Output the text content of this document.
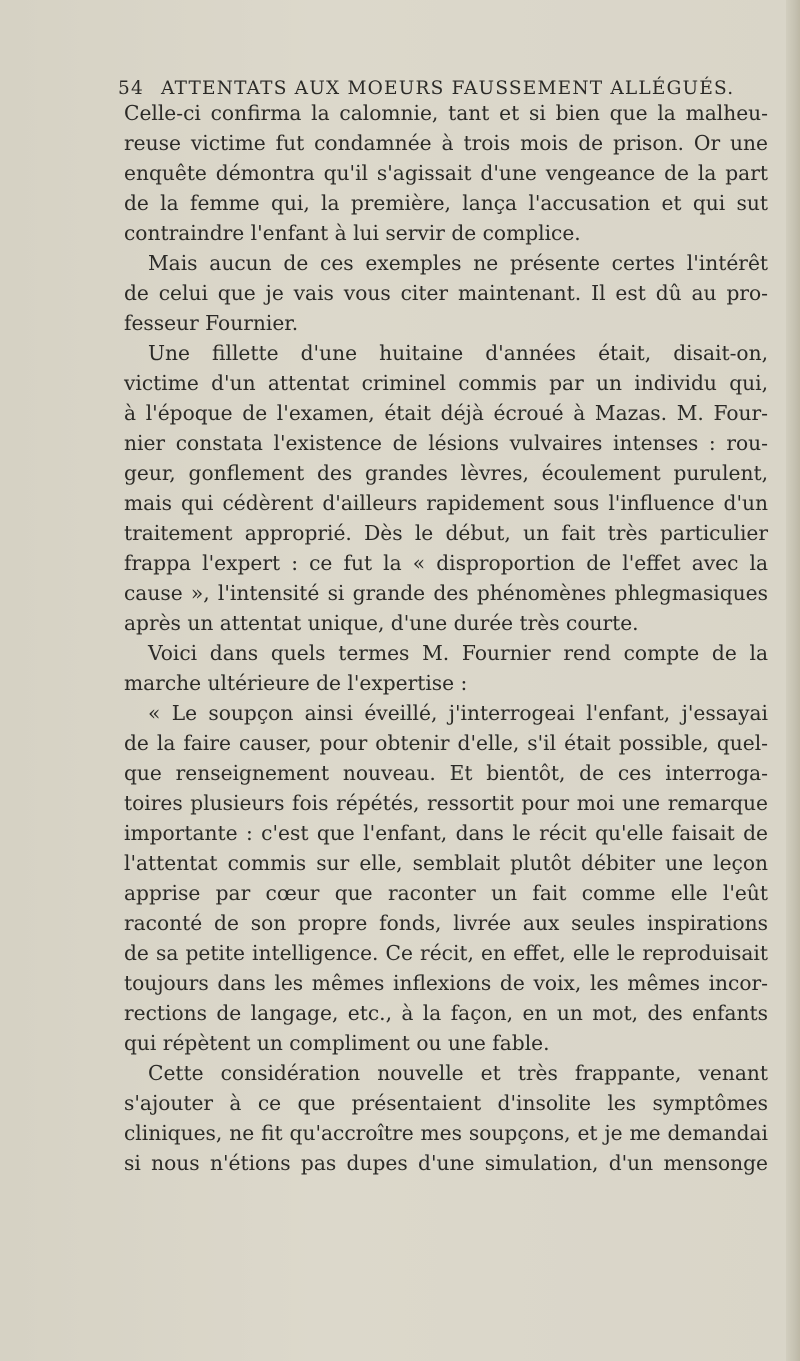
54 ATTENTATS AUX MOEURS FAUSSEMENT ALLÉGUÉS.
Celle-ci confirma la calomnie, tant et si bien que la malheu-
reuse victime fut condamnée à trois mois de prison. Or une
enquête démontra qu'il s'agissait d'une vengeance de la part
de la femme qui, la première, lança l'accusation et qui sut
contraindre l'enfant à lui servir de complice.
Mais aucun de ces exemples ne présente certes l'intérêt
de celui que je vais vous citer maintenant. Il est dû au pro-
fesseur Fournier.
Une fillette d'une huitaine d'années était, disait-on,
victime d'un attentat criminel commis par un individu qui,
à l'époque de l'examen, était déjà écroué à Mazas. M. Four-
nier constata l'existence de lésions vulvaires intenses : rou-
geur, gonflement des grandes lèvres, écoulement purulent,
mais qui cédèrent d'ailleurs rapidement sous l'influence d'un
traitement approprié. Dès le début, un fait très particulier
frappa l'expert : ce fut la « disproportion de l'effet avec la
cause », l'intensité si grande des phénomènes phlegmasiques
après un attentat unique, d'une durée très courte.
Voici dans quels termes M. Fournier rend compte de la
marche ultérieure de l'expertise :
« Le soupçon ainsi éveillé, j'interrogeai l'enfant, j'essayai
de la faire causer, pour obtenir d'elle, s'il était possible, quel-
que renseignement nouveau. Et bientôt, de ces interroga-
toires plusieurs fois répétés, ressortit pour moi une remarque
importante : c'est que l'enfant, dans le récit qu'elle faisait de
l'attentat commis sur elle, semblait plutôt débiter une leçon
apprise par cœur que raconter un fait comme elle l'eût
raconté de son propre fonds, livrée aux seules inspirations
de sa petite intelligence. Ce récit, en effet, elle le reproduisait
toujours dans les mêmes inflexions de voix, les mêmes incor-
rections de langage, etc., à la façon, en un mot, des enfants
qui répètent un compliment ou une fable.
Cette considération nouvelle et très frappante, venant
s'ajouter à ce que présentaient d'insolite les symptômes
cliniques, ne fit qu'accroître mes soupçons, et je me demandai
si nous n'étions pas dupes d'une simulation, d'un mensonge
